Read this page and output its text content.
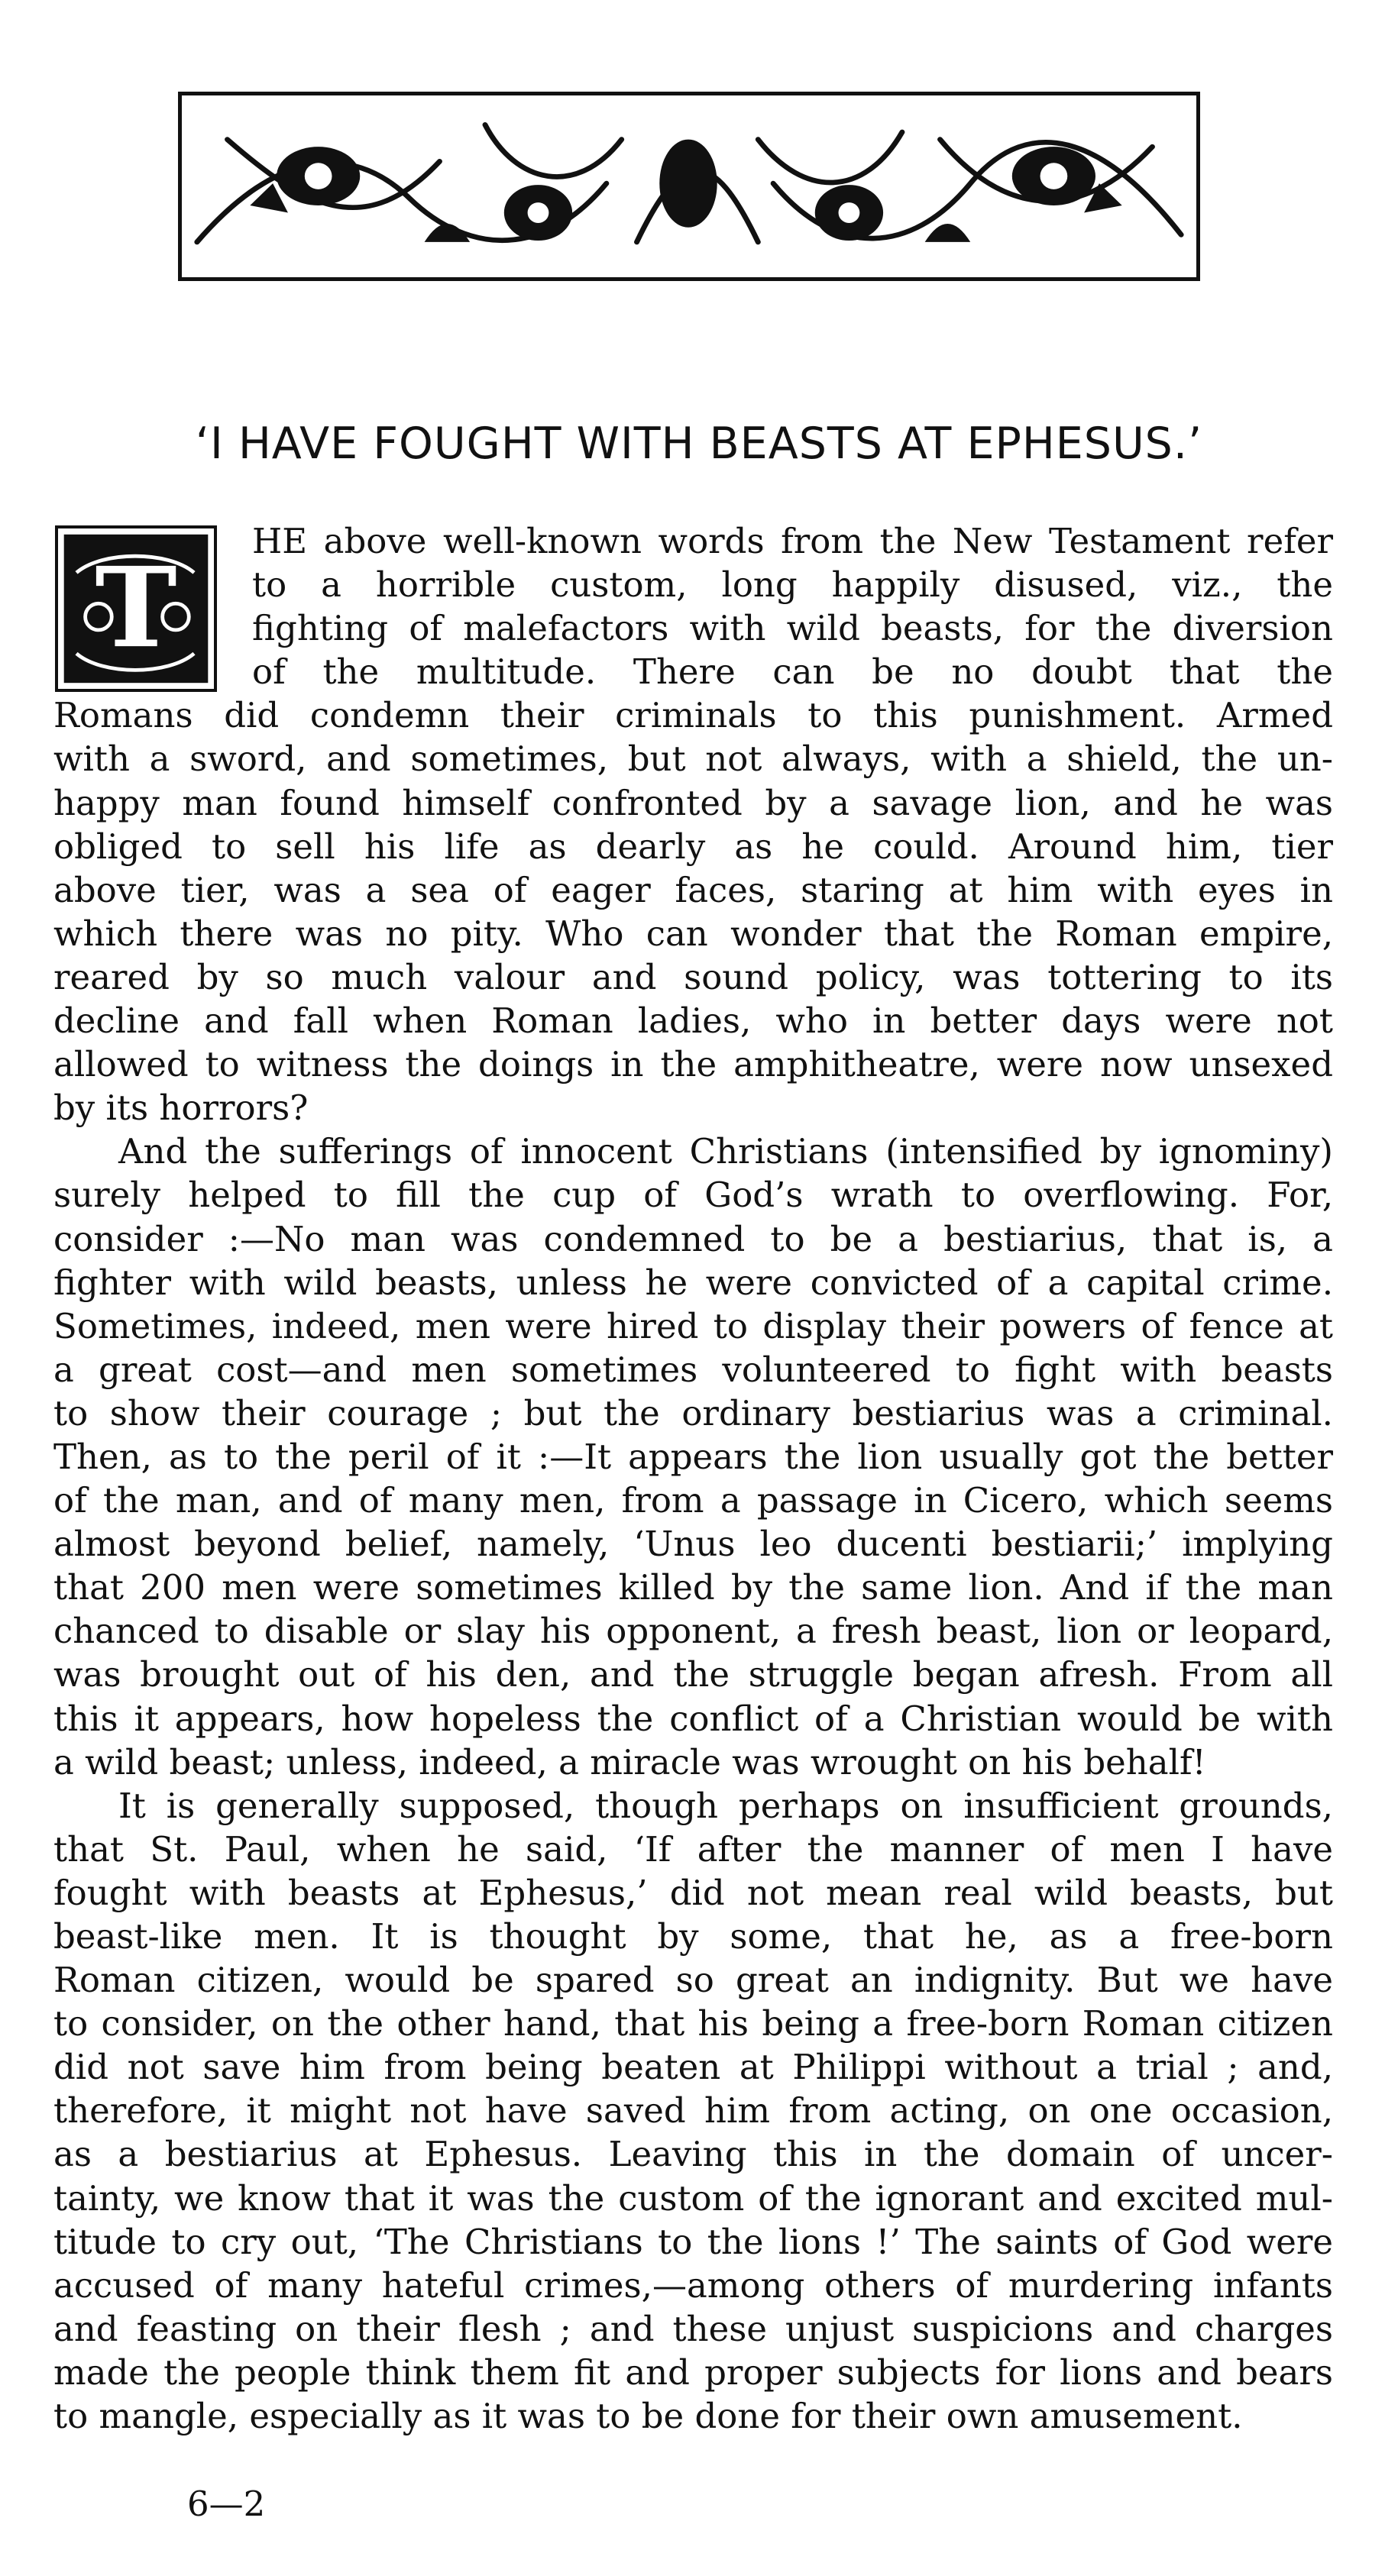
‘I HAVE FOUGHT WITH BEASTS AT EPHESUS.’
T
HE above well-known words from the New Testament refer
to a horrible custom, long happily disused, viz., the
fighting of malefactors with wild beasts, for the diversion
of the multitude. There can be no doubt that the
Romans did condemn their criminals to this punishment. Armed
with a sword, and sometimes, but not always, with a shield, the un-
happy man found himself confronted by a savage lion, and he was
obliged to sell his life as dearly as he could. Around him, tier
above tier, was a sea of eager faces, staring at him with eyes in
which there was no pity. Who can wonder that the Roman empire,
reared by so much valour and sound policy, was tottering to its
decline and fall when Roman ladies, who in better days were not
allowed to witness the doings in the amphitheatre, were now unsexed
by its horrors?
And the sufferings of innocent Christians (intensified by ignominy)
surely helped to fill the cup of God’s wrath to overflowing. For,
consider :—No man was condemned to be a bestiarius, that is, a
fighter with wild beasts, unless he were convicted of a capital crime.
Sometimes, indeed, men were hired to display their powers of fence at
a great cost—and men sometimes volunteered to fight with beasts
to show their courage ; but the ordinary bestiarius was a criminal.
Then, as to the peril of it :—It appears the lion usually got the better
of the man, and of many men, from a passage in Cicero, which seems
almost beyond belief, namely, ‘Unus leo ducenti bestiarii;’ implying
that 200 men were sometimes killed by the same lion. And if the man
chanced to disable or slay his opponent, a fresh beast, lion or leopard,
was brought out of his den, and the struggle began afresh. From all
this it appears, how hopeless the conflict of a Christian would be with
a wild beast; unless, indeed, a miracle was wrought on his behalf!
It is generally supposed, though perhaps on insufficient grounds,
that St. Paul, when he said, ‘If after the manner of men I have
fought with beasts at Ephesus,’ did not mean real wild beasts, but
beast-like men. It is thought by some, that he, as a free-born
Roman citizen, would be spared so great an indignity. But we have
to consider, on the other hand, that his being a free-born Roman citizen
did not save him from being beaten at Philippi without a trial ; and,
therefore, it might not have saved him from acting, on one occasion,
as a bestiarius at Ephesus. Leaving this in the domain of uncer-
tainty, we know that it was the custom of the ignorant and excited mul-
titude to cry out, ‘The Christians to the lions !’ The saints of God were
accused of many hateful crimes,—among others of murdering infants
and feasting on their flesh ; and these unjust suspicions and charges
made the people think them fit and proper subjects for lions and bears
to mangle, especially as it was to be done for their own amusement.
6—2
